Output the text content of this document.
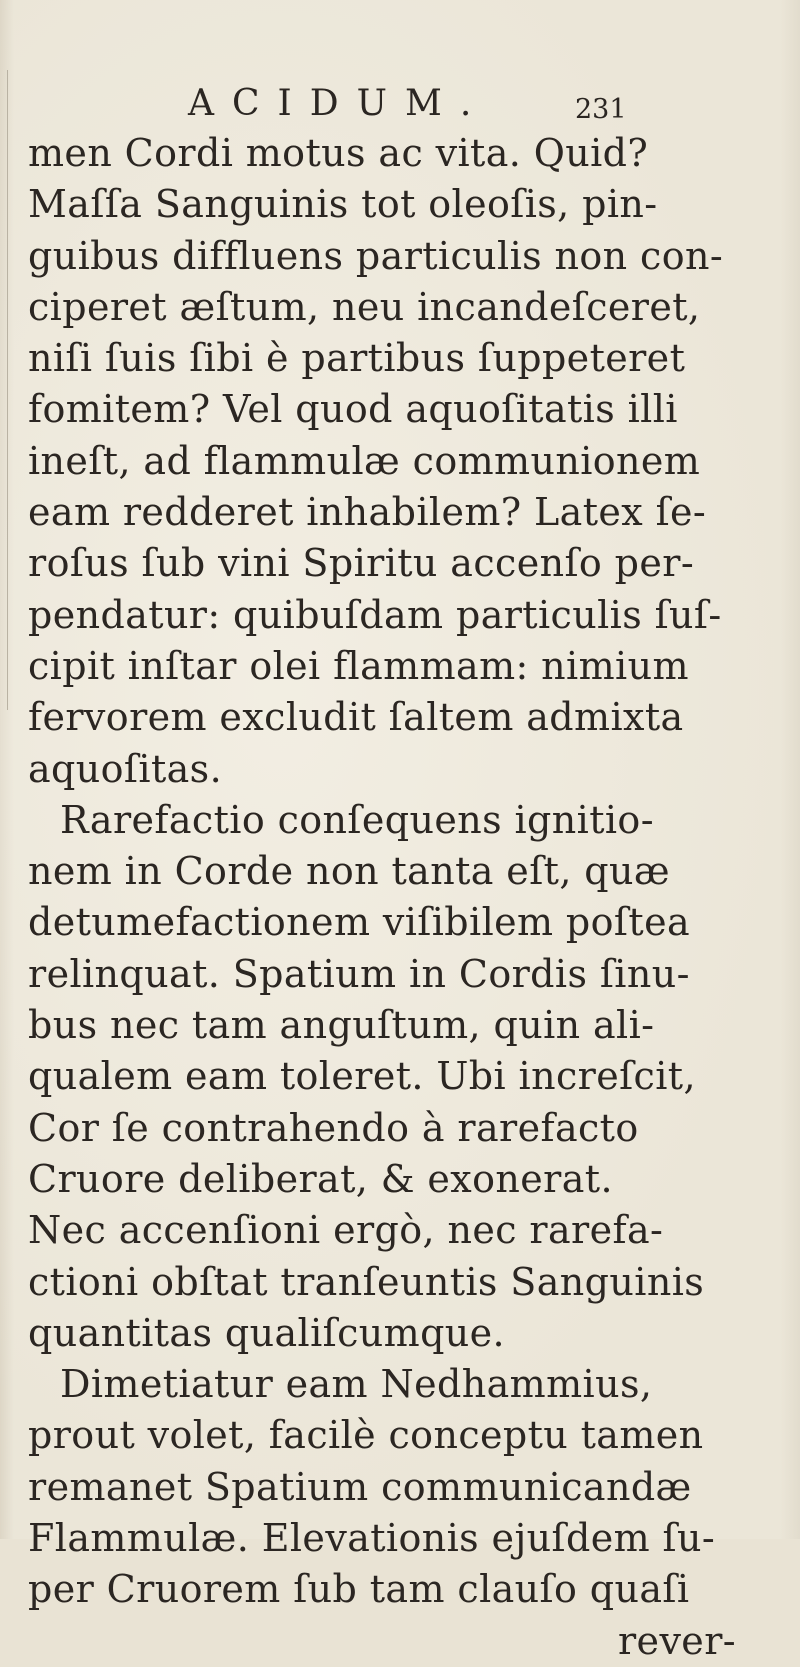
ACIDUM.	231
men Cordi motus ac vita. Quid?
Maſſa Sanguinis tot oleoſis, pin-
guibus diffluens particulis non con-
ciperet æſtum, neu incandeſceret,
niſi ſuis ſibi è partibus ſuppeteret
fomitem? Vel quod aquoſitatis illi
ineſt, ad flammulæ communionem
eam redderet inhabilem? Latex ſe-
roſus ſub vini Spiritu accenſo per-
pendatur: quibuſdam particulis ſuſ-
cipit inſtar olei flammam: nimium
fervorem excludit ſaltem admixta
aquoſitas.
Rarefactio conſequens ignitio-
nem in Corde non tanta eſt, quæ
detumefactionem viſibilem poſtea
relinquat. Spatium in Cordis ſinu-
bus nec tam anguſtum, quin ali-
qualem eam toleret. Ubi increſcit,
Cor ſe contrahendo à rarefacto
Cruore deliberat, & exonerat.
Nec accenſioni ergò, nec rarefa-
ctioni obſtat tranſeuntis Sanguinis
quantitas qualiſcumque.
Dimetiatur eam Nedhammius,
prout volet, facilè conceptu tamen
remanet Spatium communicandæ
Flammulæ. Elevationis ejuſdem ſu-
per Cruorem ſub tam clauſo quaſi
rever-
